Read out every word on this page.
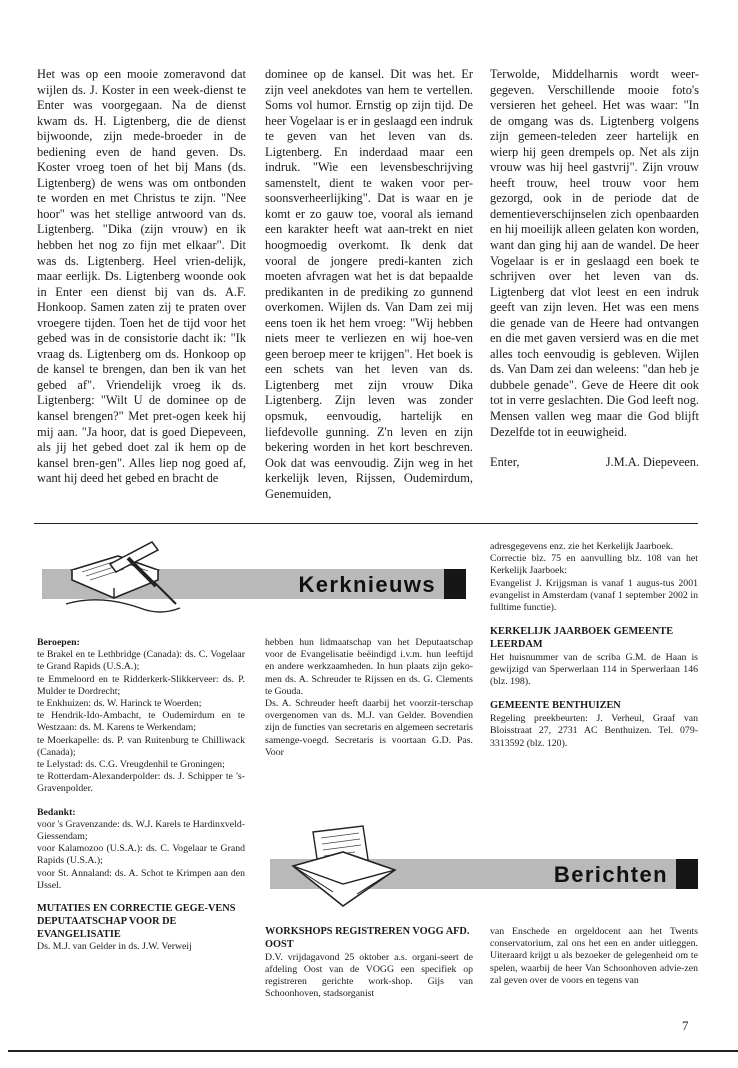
Het was op een mooie zomeravond dat wijlen ds. J. Koster in een week-dienst te Enter was voorgegaan. Na de dienst kwam ds. H. Ligtenberg, die de dienst bijwoonde, zijn mede-broeder in de bediening even de hand geven. Ds. Koster vroeg toen of het bij Mans (ds. Ligtenberg) de wens was om ontbonden te worden en met Christus te zijn. "Nee hoor" was het stellige antwoord van ds. Ligtenberg. "Dika (zijn vrouw) en ik hebben het nog zo fijn met elkaar". Dit was ds. Ligtenberg. Heel vrien-delijk, maar eerlijk. Ds. Ligtenberg woonde ook in Enter een dienst bij van ds. A.F. Honkoop. Samen zaten zij te praten over vroegere tijden. Toen het de tijd voor het gebed was in de consistorie dacht ik: "Ik vraag ds. Ligtenberg om ds. Honkoop op de kansel te brengen, dan ben ik van het gebed af". Vriendelijk vroeg ik ds. Ligtenberg: "Wilt U de dominee op de kansel brengen?" Met pret-ogen keek hij mij aan. "Ja hoor, dat is goed Diepeveen, als jij het gebed doet zal ik hem op de kansel bren-gen". Alles liep nog goed af, want hij deed het gebed en bracht de

dominee op de kansel. Dit was het. Er zijn veel anekdotes van hem te vertellen. Soms vol humor. Ernstig op zijn tijd. De heer Vogelaar is er in geslaagd een indruk te geven van het leven van ds. Ligtenberg. En inderdaad maar een indruk. "Wie een levensbeschrijving samenstelt, dient te waken voor per-soonsverheerlijking". Dat is waar en je komt er zo gauw toe, vooral als iemand een karakter heeft wat aan-trekt en niet hoogmoedig overkomt. Ik denk dat vooral de jongere predi-kanten zich moeten afvragen wat het is dat bepaalde predikanten in de prediking zo gunnend overkomen. Wijlen ds. Van Dam zei mij eens toen ik het hem vroeg: "Wij hebben niets meer te verliezen en wij hoe-ven geen beroep meer te krijgen". Het boek is een schets van het leven van ds. Ligtenberg met zijn vrouw Dika Ligtenberg. Zijn leven was zonder opsmuk, eenvoudig, hartelijk en liefdevolle gunning. Z'n leven en zijn bekering worden in het kort beschreven. Ook dat was eenvoudig. Zijn weg in het kerkelijk leven, Rijssen, Oudemirdum, Genemuiden,

Terwolde, Middelharnis wordt weer-gegeven. Verschillende mooie foto's versieren het geheel. Het was waar: "In de omgang was ds. Ligtenberg volgens zijn gemeen-teleden zeer hartelijk en wierp hij geen drempels op. Net als zijn vrouw was hij heel gastvrij". Zijn vrouw heeft trouw, heel trouw voor hem gezorgd, ook in de periode dat de dementieverschijnselen zich openbaarden en hij moeilijk alleen gelaten kon worden, want dan ging hij aan de wandel. De heer Vogelaar is er in geslaagd een boek te schrijven over het leven van ds. Ligtenberg dat vlot leest en een indruk geeft van zijn leven. Het was een mens die genade van de Heere had ontvangen en die met gaven versierd was en die met alles toch eenvoudig is gebleven. Wijlen ds. Van Dam zei dan weleens: "dan heb je dubbele genade". Geve de Heere dit ook tot in verre geslachten. Die God leeft nog. Mensen vallen weg maar die God blijft Dezelfde tot in eeuwigheid.

Enter,	J.M.A. Diepeveen.

Kerknieuws

Beroepen:

te Brakel en te Lethbridge (Canada): ds. C. Vogelaar te Grand Rapids (U.S.A.);

te Emmeloord en te Ridderkerk-Slikkerveer: ds. P. Mulder te Dordrecht;

te Enkhuizen: ds. W. Harinck te Woerden;

te Hendrik-Ido-Ambacht, te Oudemirdum en te Westzaan: ds. M. Karens te Werkendam;

te Moerkapelle: ds. P. van Ruitenburg te Chilliwack (Canada);

te Lelystad: ds. C.G. Vreugdenhil te Groningen;

te Rotterdam-Alexanderpolder: ds. J. Schipper te 's-Gravenpolder.

Bedankt:

voor 's Gravenzande: ds. W.J. Karels te Hardinxveld-Giessendam;

voor Kalamozoo (U.S.A.): ds. C. Vogelaar te Grand Rapids (U.S.A.);

voor St. Annaland: ds. A. Schot te Krimpen aan den IJssel.

MUTATIES EN CORRECTIE GEGE-VENS DEPUTAATSCHAP VOOR DE EVANGELISATIE

Ds. M.J. van Gelder in ds. J.W. Verweij

hebben hun lidmaatschap van het Deputaatschap voor de Evangelisatie beëindigd i.v.m. hun leeftijd en andere werkzaamheden. In hun plaats zijn geko-men ds. A. Schreuder te Rijssen en ds. G. Clements te Gouda.

Ds. A. Schreuder heeft daarbij het voorzit-terschap overgenomen van ds. M.J. van Gelder. Bovendien zijn de functies van secretaris en algemeen secretaris samenge-voegd. Secretaris is voortaan G.D. Pas. Voor

adresgegevens enz. zie het Kerkelijk Jaarboek.

Correctie blz. 75 en aanvulling blz. 108 van het Kerkelijk Jaarboek:

Evangelist J. Krijgsman is vanaf 1 augus-tus 2001 evangelist in Amsterdam (vanaf 1 september 2002 in fulltime functie).

KERKELIJK JAARBOEK GEMEENTE LEERDAM

Het huisnummer van de scriba G.M. de Haan is gewijzigd van Sperwerlaan 114 in Sperwerlaan 146 (blz. 198).

GEMEENTE BENTHUIZEN

Regeling preekbeurten: J. Verheul, Graaf van Bloisstraat 27, 2731 AC Benthuizen. Tel. 079-3313592 (blz. 120).

Berichten

WORKSHOPS REGISTREREN VOGG AFD. OOST

D.V. vrijdagavond 25 oktober a.s. organi-seert de afdeling Oost van de VOGG een specifiek op registreren gerichte work-shop. Gijs van Schoonhoven, stadsorganist

van Enschede en orgeldocent aan het Twents conservatorium, zal ons het een en ander uitleggen. Uiteraard krijgt u als bezoeker de gelegenheid om te spelen, waarbij de heer Van Schoonhoven advie-zen zal geven over de voors en tegens van

7
